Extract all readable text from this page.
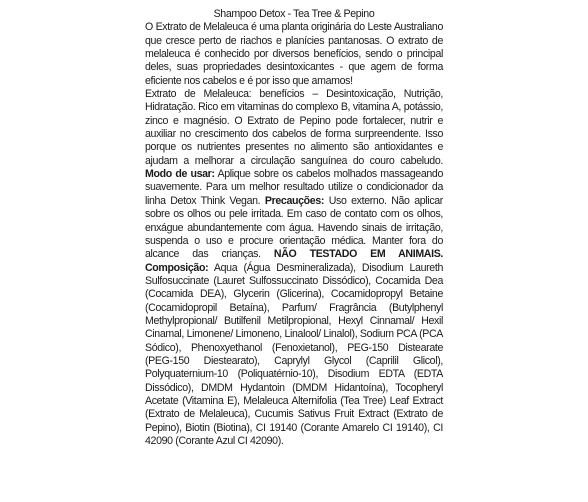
Shampoo Detox - Tea Tree & Pepino

O Extrato de Melaleuca é uma planta originária do Leste Australiano que cresce perto de riachos e planícies pantanosas. O extrato de melaleuca é conhecido por diversos benefícios, sendo o principal deles, suas propriedades desintoxicantes - que agem de forma eficiente nos cabelos e é por isso que amamos!

Extrato de Melaleuca: benefícios – Desintoxicação, Nutrição, Hidratação. Rico em vitaminas do complexo B, vitamina A, potássio, zinco e magnésio. O Extrato de Pepino pode fortalecer, nutrir e auxiliar no crescimento dos cabelos de forma surpreendente. Isso porque os nutrientes presentes no alimento são antioxidantes e ajudam a melhorar a circulação sanguínea do couro cabeludo. Modo de usar: Aplique sobre os cabelos molhados massageando suavemente. Para um melhor resultado utilize o condicionador da linha Detox Think Vegan. Precauções: Uso externo. Não aplicar sobre os olhos ou pele irritada. Em caso de contato com os olhos, enxágue abundantemente com água. Havendo sinais de irritação, suspenda o uso e procure orientação médica. Manter fora do alcance das crianças. NÃO TESTADO EM ANIMAIS. Composição: Aqua (Água Desmineralizada), Disodium Laureth Sulfosuccinate (Lauret Sulfossuccinato Dissódico), Cocamida Dea (Cocamida DEA), Glycerin (Glicerina), Cocamidopropyl Betaine (Cocamidopropil Betaína), Parfum/ Fragrância (Butylphenyl Methylpropional/ Butilfenil Metilpropional, Hexyl Cinnamal/ Hexil Cinamal, Limonene/ Limoneno, Linalool/ Linalol), Sodium PCA (PCA Sódico), Phenoxyethanol (Fenoxietanol), PEG-150 Distearate (PEG-150 Diestearato), Caprylyl Glycol (Caprilil Glicol), Polyquaternium-10 (Poliquatérnio-10), Disodium EDTA (EDTA Dissódico), DMDM Hydantoin (DMDM Hidantoína), Tocopheryl Acetate (Vitamina E), Melaleuca Alternifolia (Tea Tree) Leaf Extract (Extrato de Melaleuca), Cucumis Sativus Fruit Extract (Extrato de Pepino), Biotin (Biotina), CI 19140 (Corante Amarelo CI 19140), CI 42090 (Corante Azul CI 42090).
